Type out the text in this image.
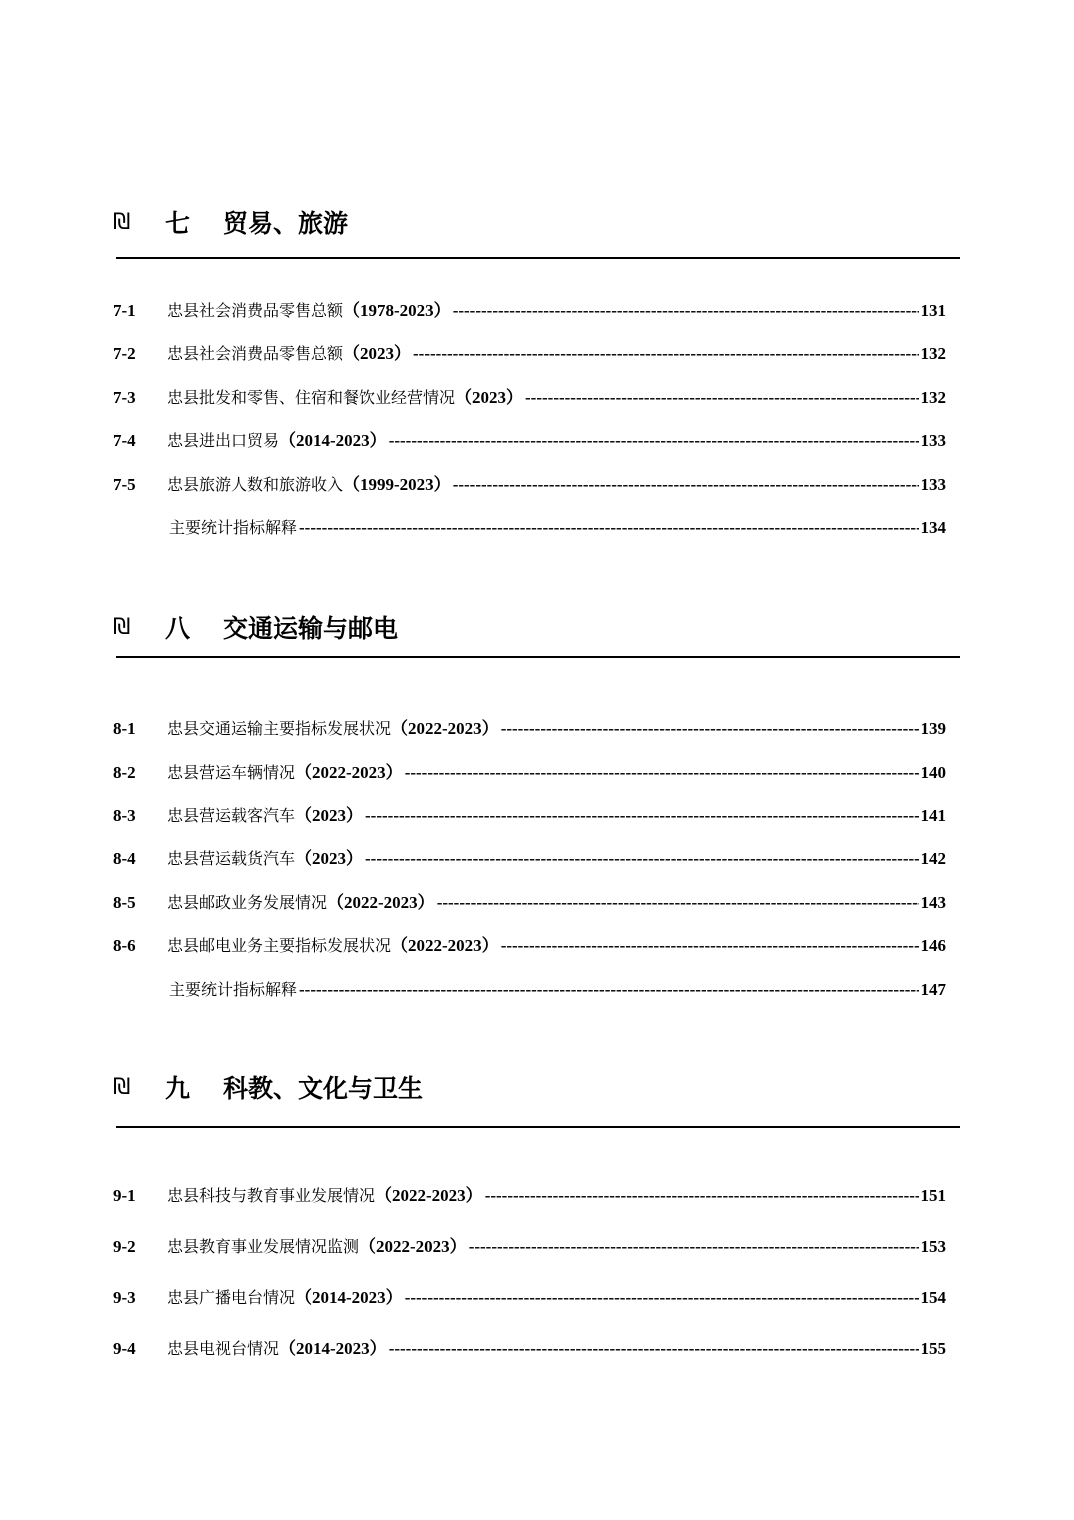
₪	七	贸易、旅游
7-1	忠县社会消费品零售总额（1978-2023） -----	131
7-2	忠县社会消费品零售总额（2023） -----	132
7-3	忠县批发和零售、住宿和餐饮业经营情况（2023） -----	132
7-4	忠县进出口贸易（2014-2023） -----	133
7-5	忠县旅游人数和旅游收入（1999-2023） -----	133
主要统计指标解释 -----	134
₪	八	交通运输与邮电
8-1	忠县交通运输主要指标发展状况（2022-2023） -----	139
8-2	忠县营运车辆情况（2022-2023） -----	140
8-3	忠县营运载客汽车（2023） -----	141
8-4	忠县营运载货汽车（2023） -----	142
8-5	忠县邮政业务发展情况（2022-2023） -----	143
8-6	忠县邮电业务主要指标发展状况（2022-2023） -----	146
主要统计指标解释 -----	147
₪	九	科教、文化与卫生
9-1	忠县科技与教育事业发展情况（2022-2023） -----	151
9-2	忠县教育事业发展情况监测（2022-2023） -----	153
9-3	忠县广播电台情况（2014-2023） -----	154
9-4	忠县电视台情况（2014-2023） -----	155
